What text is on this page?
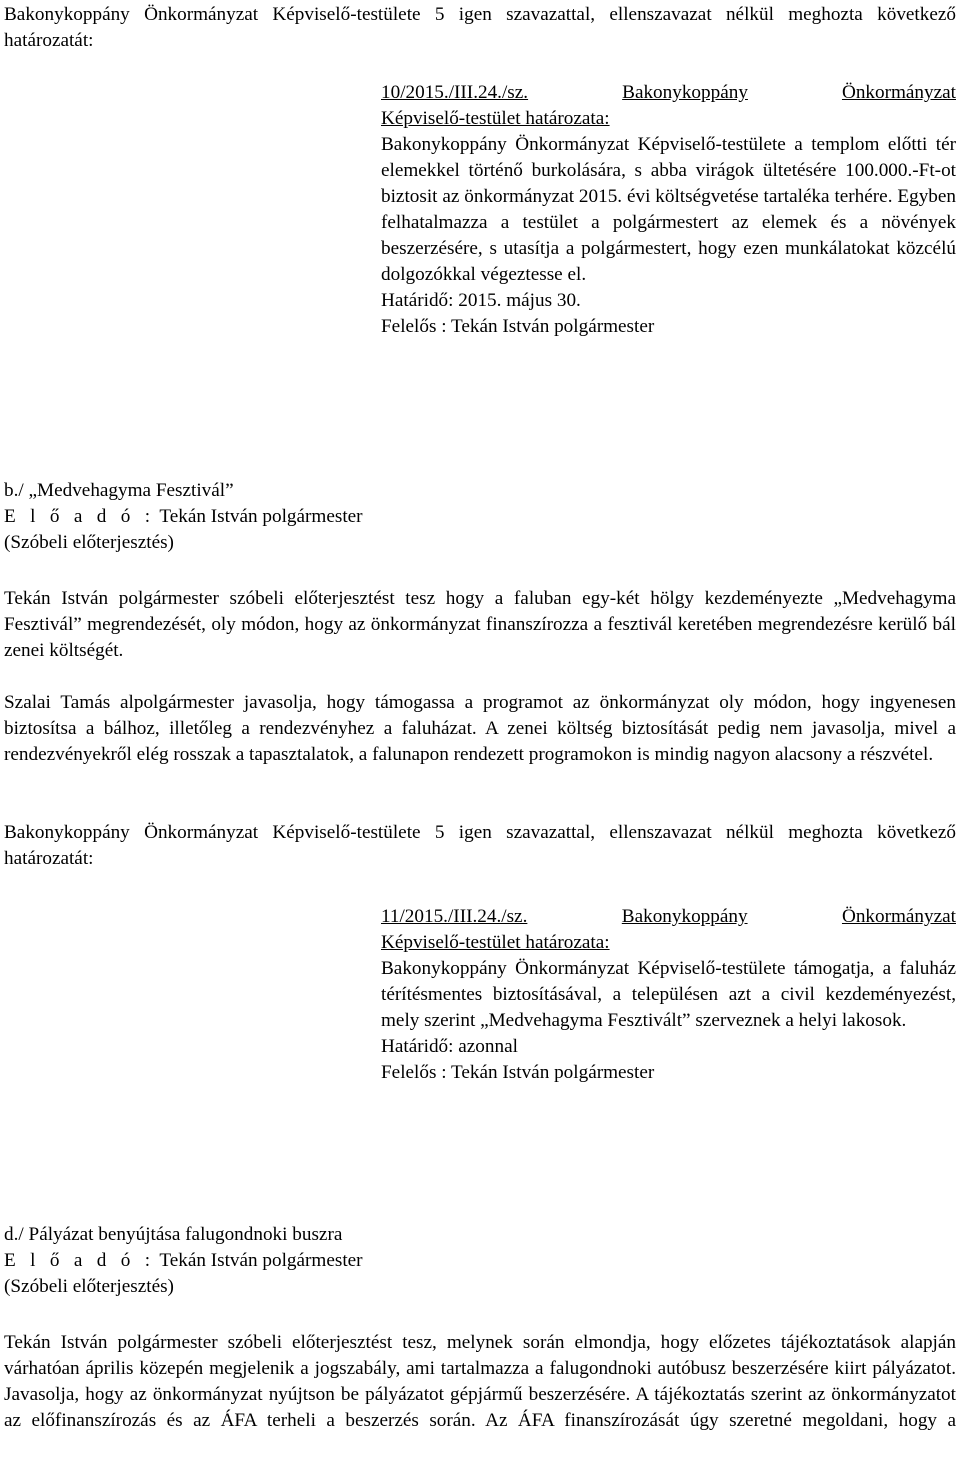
Bakonykoppány Önkormányzat Képviselő-testülete 5 igen szavazattal, ellenszavazat nélkül meghozta következő határozatát:

10/2015./III.24./sz.	Bakonykoppány	Önkormányzat
Képviselő-testület határozata:
Bakonykoppány Önkormányzat Képviselő-testülete a templom előtti tér elemekkel történő burkolására, s abba virágok ültetésére 100.000.-Ft-ot biztosit az önkormányzat 2015. évi költségvetése tartaléka terhére. Egyben felhatalmazza a testület a polgármestert az elemek és a növények beszerzésére, s utasítja a polgármestert, hogy ezen munkálatokat közcélú dolgozókkal végeztesse el.
Határidő: 2015. május 30.
Felelős : Tekán István polgármester
b./ „Medvehagyma Fesztivál”
E l ő a d ó : Tekán István polgármester
(Szóbeli előterjesztés)

Tekán István polgármester szóbeli előterjesztést tesz hogy a faluban egy-két hölgy kezdeményezte „Medvehagyma Fesztivál” megrendezését, oly módon, hogy az önkormányzat finanszírozza a fesztivál keretében megrendezésre kerülő bál zenei költségét.

Szalai Tamás alpolgármester javasolja, hogy támogassa a programot az önkormányzat oly módon, hogy ingyenesen biztosítsa a bálhoz, illetőleg a rendezvényhez a faluházat. A zenei költség biztosítását pedig nem javasolja, mivel a rendezvényekről elég rosszak a tapasztalatok, a falunapon rendezett programokon is mindig nagyon alacsony a részvétel.

Bakonykoppány Önkormányzat Képviselő-testülete 5 igen szavazattal, ellenszavazat nélkül meghozta következő határozatát:

11/2015./III.24./sz.	Bakonykoppány	Önkormányzat
Képviselő-testület határozata:
Bakonykoppány Önkormányzat Képviselő-testülete támogatja, a faluház térítésmentes biztosításával, a településen azt a civil kezdeményezést, mely szerint „Medvehagyma Fesztivált” szerveznek a helyi lakosok.
Határidő: azonnal
Felelős : Tekán István polgármester
d./ Pályázat benyújtása falugondnoki buszra
E l ő a d ó : Tekán István polgármester
(Szóbeli előterjesztés)

Tekán István polgármester szóbeli előterjesztést tesz, melynek során elmondja, hogy előzetes tájékoztatások alapján várhatóan április közepén megjelenik a jogszabály, ami tartalmazza a falugondnoki autóbusz beszerzésére kiirt pályázatot. Javasolja, hogy az önkormányzat nyújtson be pályázatot gépjármű beszerzésére. A tájékoztatás szerint az önkormányzatot az előfinanszírozás és az ÁFA terheli a beszerzés során. Az ÁFA finanszírozását úgy szeretné megoldani, hogy a
